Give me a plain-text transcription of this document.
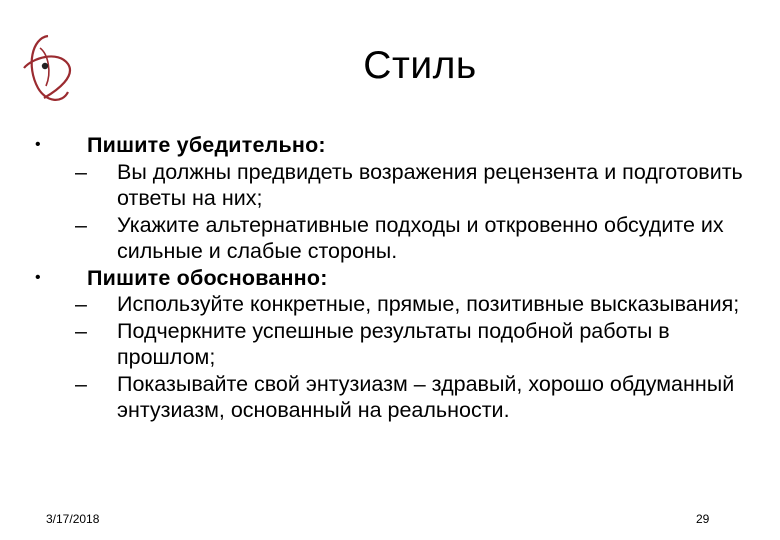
Стиль
• Пишите убедительно:
– Вы должны предвидеть возражения рецензента и подготовить ответы на них;
– Укажите альтернативные подходы и откровенно обсудите их сильные и слабые стороны.
• Пишите обоснованно:
– Используйте конкретные, прямые, позитивные высказывания;
– Подчеркните успешные результаты подобной работы в прошлом;
– Показывайте свой энтузиазм – здравый, хорошо обдуманный энтузиазм, основанный на реальности.
3/17/2018	29
